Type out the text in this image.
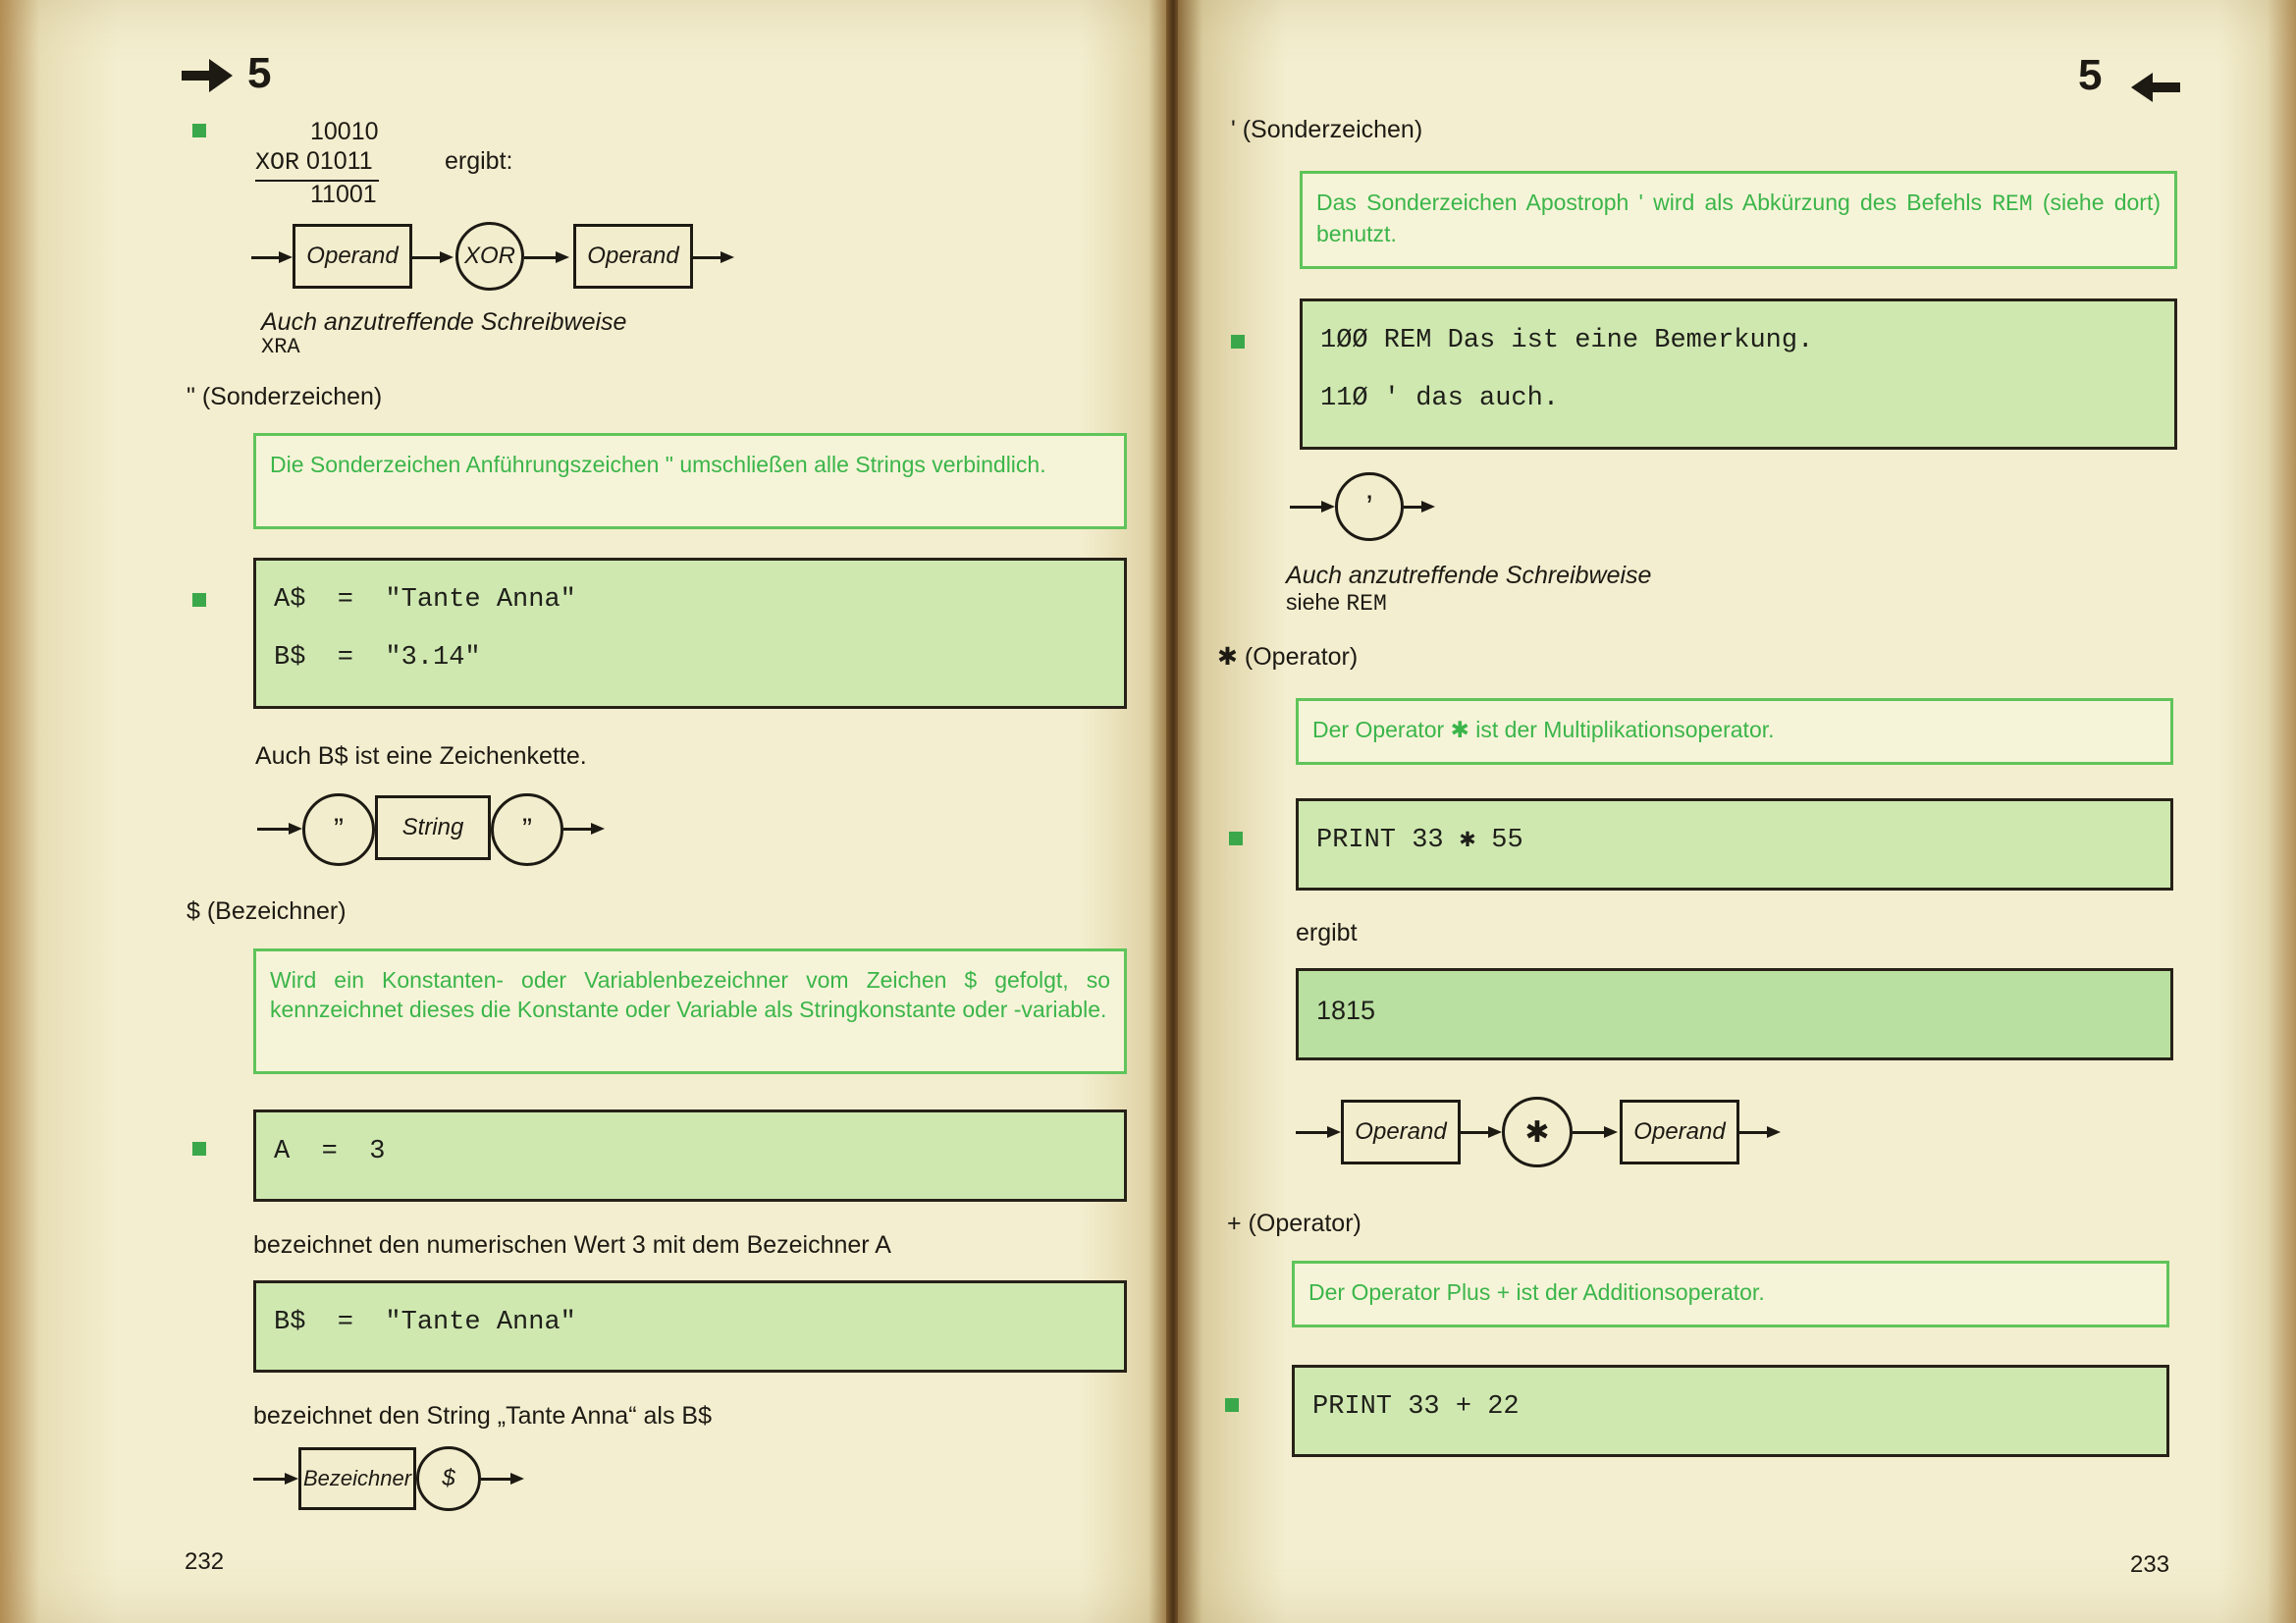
5
10010
XOR 01011
11001
ergibt:
Operand	XOR	Operand
Auch anzutreffende Schreibweise
XRA
" (Sonderzeichen)
Die Sonderzeichen Anführungszeichen " umschließen alle Strings verbindlich.
A$  =  "Tante Anna"
B$  =  "3.14"
Auch B$ ist eine Zeichenkette.
”	String	”
$ (Bezeichner)
Wird ein Konstanten- oder Variablenbezeichner vom Zeichen $ gefolgt, so kennzeichnet dieses die Konstante oder Variable als Stringkonstante oder -variable.
A  =  3
bezeichnet den numerischen Wert 3 mit dem Bezeichner A
B$  =  "Tante Anna"
bezeichnet den String „Tante Anna“ als B$
Bezeichner	$
232
5
' (Sonderzeichen)
Das Sonderzeichen Apostroph ' wird als Abkürzung des Befehls REM (siehe dort) benutzt.
1ØØ REM Das ist eine Bemerkung.
11Ø ' das auch.
’
Auch anzutreffende Schreibweise
siehe REM
✱ (Operator)
Der Operator ✱ ist der Multiplikationsoperator.
PRINT 33 ✱ 55
ergibt
1815
Operand	✱	Operand
+ (Operator)
Der Operator Plus + ist der Additionsoperator.
PRINT 33 + 22
233
